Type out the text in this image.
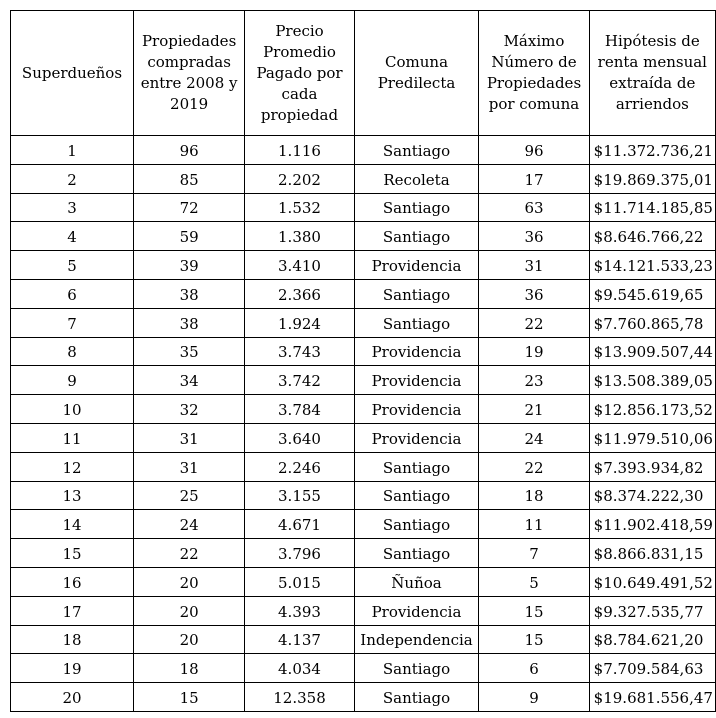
Superdueños	Propiedades compradas entre 2008 y 2019	Precio Promedio Pagado por cada propiedad	Comuna Predilecta	Máximo Número de Propiedades por comuna	Hipótesis de renta mensual extraída de arriendos
1	96	1.116	Santiago	96	$11.372.736,21
2	85	2.202	Recoleta	17	$19.869.375,01
3	72	1.532	Santiago	63	$11.714.185,85
4	59	1.380	Santiago	36	$8.646.766,22
5	39	3.410	Providencia	31	$14.121.533,23
6	38	2.366	Santiago	36	$9.545.619,65
7	38	1.924	Santiago	22	$7.760.865,78
8	35	3.743	Providencia	19	$13.909.507,44
9	34	3.742	Providencia	23	$13.508.389,05
10	32	3.784	Providencia	21	$12.856.173,52
11	31	3.640	Providencia	24	$11.979.510,06
12	31	2.246	Santiago	22	$7.393.934,82
13	25	3.155	Santiago	18	$8.374.222,30
14	24	4.671	Santiago	11	$11.902.418,59
15	22	3.796	Santiago	7	$8.866.831,15
16	20	5.015	Ñuñoa	5	$10.649.491,52
17	20	4.393	Providencia	15	$9.327.535,77
18	20	4.137	Independencia	15	$8.784.621,20
19	18	4.034	Santiago	6	$7.709.584,63
20	15	12.358	Santiago	9	$19.681.556,47
